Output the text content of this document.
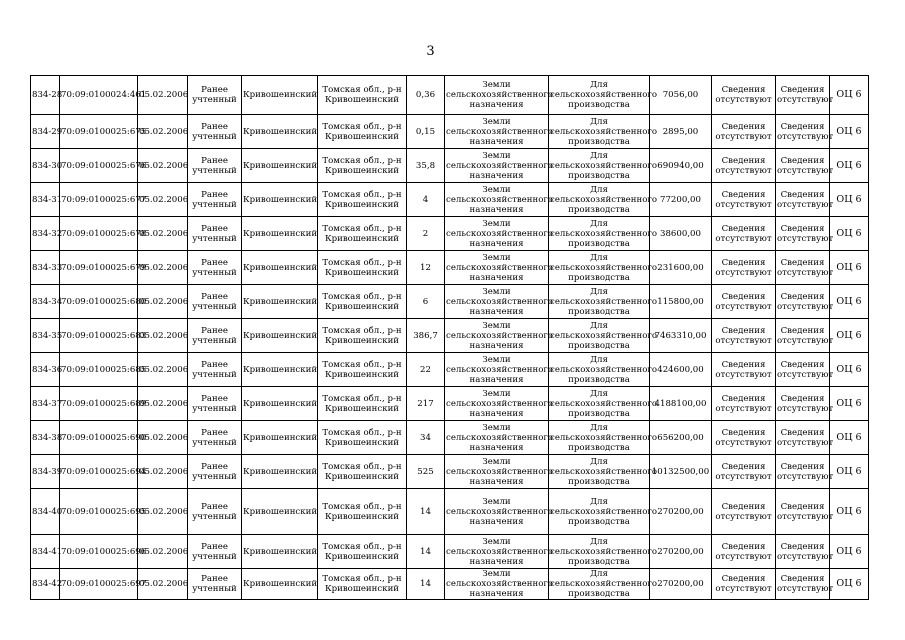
3
834-28	70:09:0100024:461	05.02.2006	Ранее учтенный	Кривошеинский	Томская обл., р-н Кривошеинский	0,36	Земли сельскохозяйственного назначения	Для сельскохозяйственного производства	7056,00	Сведения отсутствуют	Сведения отсутствуют	ОЦ 6
834-29	70:09:0100025:675	05.02.2006	Ранее учтенный	Кривошеинский	Томская обл., р-н Кривошеинский	0,15	Земли сельскохозяйственного назначения	Для сельскохозяйственного производства	2895,00	Сведения отсутствуют	Сведения отсутствуют	ОЦ 6
834-30	70:09:0100025:676	05.02.2006	Ранее учтенный	Кривошеинский	Томская обл., р-н Кривошеинский	35,8	Земли сельскохозяйственного назначения	Для сельскохозяйственного производства	690940,00	Сведения отсутствуют	Сведения отсутствуют	ОЦ 6
834-31	70:09:0100025:677	05.02.2006	Ранее учтенный	Кривошеинский	Томская обл., р-н Кривошеинский	4	Земли сельскохозяйственного назначения	Для сельскохозяйственного производства	77200,00	Сведения отсутствуют	Сведения отсутствуют	ОЦ 6
834-32	70:09:0100025:678	05.02.2006	Ранее учтенный	Кривошеинский	Томская обл., р-н Кривошеинский	2	Земли сельскохозяйственного назначения	Для сельскохозяйственного производства	38600,00	Сведения отсутствуют	Сведения отсутствуют	ОЦ 6
834-33	70:09:0100025:679	05.02.2006	Ранее учтенный	Кривошеинский	Томская обл., р-н Кривошеинский	12	Земли сельскохозяйственного назначения	Для сельскохозяйственного производства	231600,00	Сведения отсутствуют	Сведения отсутствуют	ОЦ 6
834-34	70:09:0100025:680	05.02.2006	Ранее учтенный	Кривошеинский	Томская обл., р-н Кривошеинский	6	Земли сельскохозяйственного назначения	Для сельскохозяйственного производства	115800,00	Сведения отсутствуют	Сведения отсутствуют	ОЦ 6
834-35	70:09:0100025:683	05.02.2006	Ранее учтенный	Кривошеинский	Томская обл., р-н Кривошеинский	386,7	Земли сельскохозяйственного назначения	Для сельскохозяйственного производства	7463310,00	Сведения отсутствуют	Сведения отсутствуют	ОЦ 6
834-36	70:09:0100025:685	05.02.2006	Ранее учтенный	Кривошеинский	Томская обл., р-н Кривошеинский	22	Земли сельскохозяйственного назначения	Для сельскохозяйственного производства	424600,00	Сведения отсутствуют	Сведения отсутствуют	ОЦ 6
834-37	70:09:0100025:689	05.02.2006	Ранее учтенный	Кривошеинский	Томская обл., р-н Кривошеинский	217	Земли сельскохозяйственного назначения	Для сельскохозяйственного производства	4188100,00	Сведения отсутствуют	Сведения отсутствуют	ОЦ 6
834-38	70:09:0100025:690	05.02.2006	Ранее учтенный	Кривошеинский	Томская обл., р-н Кривошеинский	34	Земли сельскохозяйственного назначения	Для сельскохозяйственного производства	656200,00	Сведения отсутствуют	Сведения отсутствуют	ОЦ 6
834-39	70:09:0100025:694	05.02.2006	Ранее учтенный	Кривошеинский	Томская обл., р-н Кривошеинский	525	Земли сельскохозяйственного назначения	Для сельскохозяйственного производства	10132500,00	Сведения отсутствуют	Сведения отсутствуют	ОЦ 6
834-40	70:09:0100025:695	05.02.2006	Ранее учтенный	Кривошеинский	Томская обл., р-н Кривошеинский	14	Земли сельскохозяйственного назначения	Для сельскохозяйственного производства	270200,00	Сведения отсутствуют	Сведения отсутствуют	ОЦ 6
834-41	70:09:0100025:696	05.02.2006	Ранее учтенный	Кривошеинский	Томская обл., р-н Кривошеинский	14	Земли сельскохозяйственного назначения	Для сельскохозяйственного производства	270200,00	Сведения отсутствуют	Сведения отсутствуют	ОЦ 6
834-42	70:09:0100025:697	05.02.2006	Ранее учтенный	Кривошеинский	Томская обл., р-н Кривошеинский	14	Земли сельскохозяйственного назначения	Для сельскохозяйственного производства	270200,00	Сведения отсутствуют	Сведения отсутствуют	ОЦ 6
